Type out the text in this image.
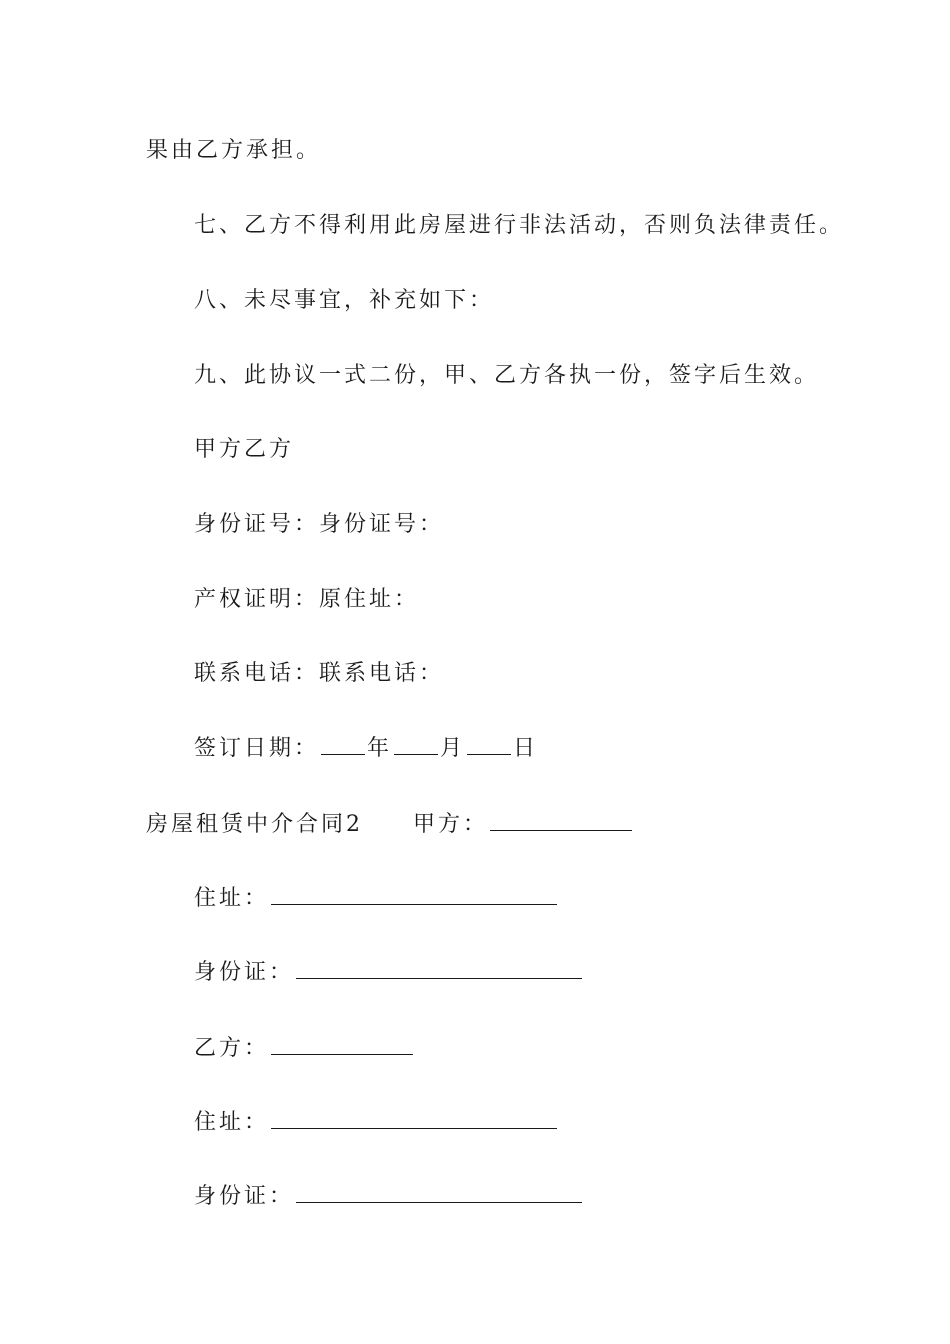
果由乙方承担。
七、乙方不得利用此房屋进行非法活动，否则负法律责任。
八、未尽事宜，补充如下：
九、此协议一式二份，甲、乙方各执一份，签字后生效。
甲方乙方
身份证号：身份证号：
产权证明：原住址：
联系电话：联系电话：
签订日期： 年 月 日
房屋租赁中介合同2 甲方：
住址：
身份证：
乙方：
住址：
身份证：
